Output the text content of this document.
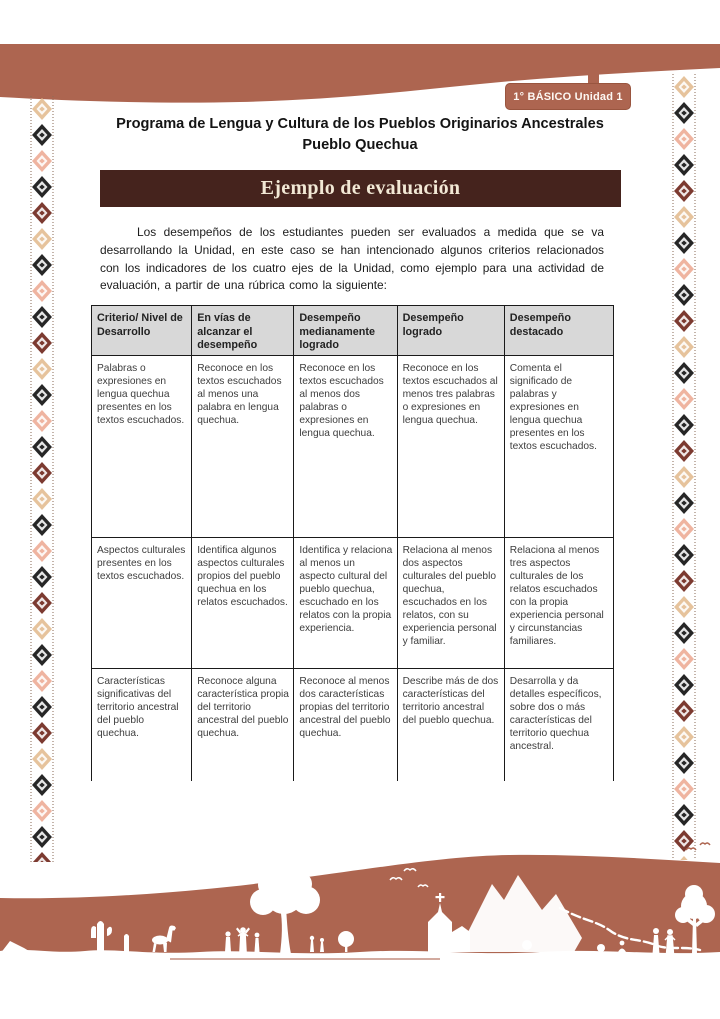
1° BÁSICO Unidad 1
Programa de Lengua y Cultura de los Pueblos Originarios Ancestrales
Pueblo Quechua
Ejemplo de evaluación
Los desempeños de los estudiantes pueden ser evaluados a medida que se va desarrollando la Unidad, en este caso se han intencionado algunos criterios relacionados con los indicadores de los cuatro ejes de la Unidad, como ejemplo para una actividad de evaluación, a partir de una rúbrica como la siguiente:
Criterio/ Nivel de Desarrollo	En vías de alcanzar el desempeño	Desempeño medianamente logrado	Desempeño logrado	Desempeño destacado
Palabras o expresiones en lengua quechua presentes en los textos escuchados.	Reconoce en los textos escuchados al menos una palabra en lengua quechua.	Reconoce en los textos escuchados al menos dos palabras o expresiones en lengua quechua.	Reconoce en los textos escuchados al menos tres palabras o expresiones en lengua quechua.	Comenta el significado de palabras y expresiones en lengua quechua presentes en los textos escuchados.
Aspectos culturales presentes en los textos escuchados.	Identifica algunos aspectos culturales propios del pueblo quechua en los relatos escuchados.	Identifica y relaciona al menos un aspecto cultural del pueblo quechua, escuchado en los relatos con la propia experiencia.	Relaciona al menos dos aspectos culturales del pueblo quechua, escuchados en los relatos, con su experiencia personal y familiar.	Relaciona al menos tres aspectos culturales de los relatos escuchados con la propia experiencia personal y circunstancias familiares.
Características significativas del territorio ancestral del pueblo quechua.	Reconoce alguna característica propia del territorio ancestral del pueblo quechua.	Reconoce al menos dos características propias del territorio ancestral del pueblo quechua.	Describe más de dos características del territorio ancestral del pueblo quechua.	Desarrolla y da detalles específicos, sobre dos o más características del territorio quechua ancestral.
